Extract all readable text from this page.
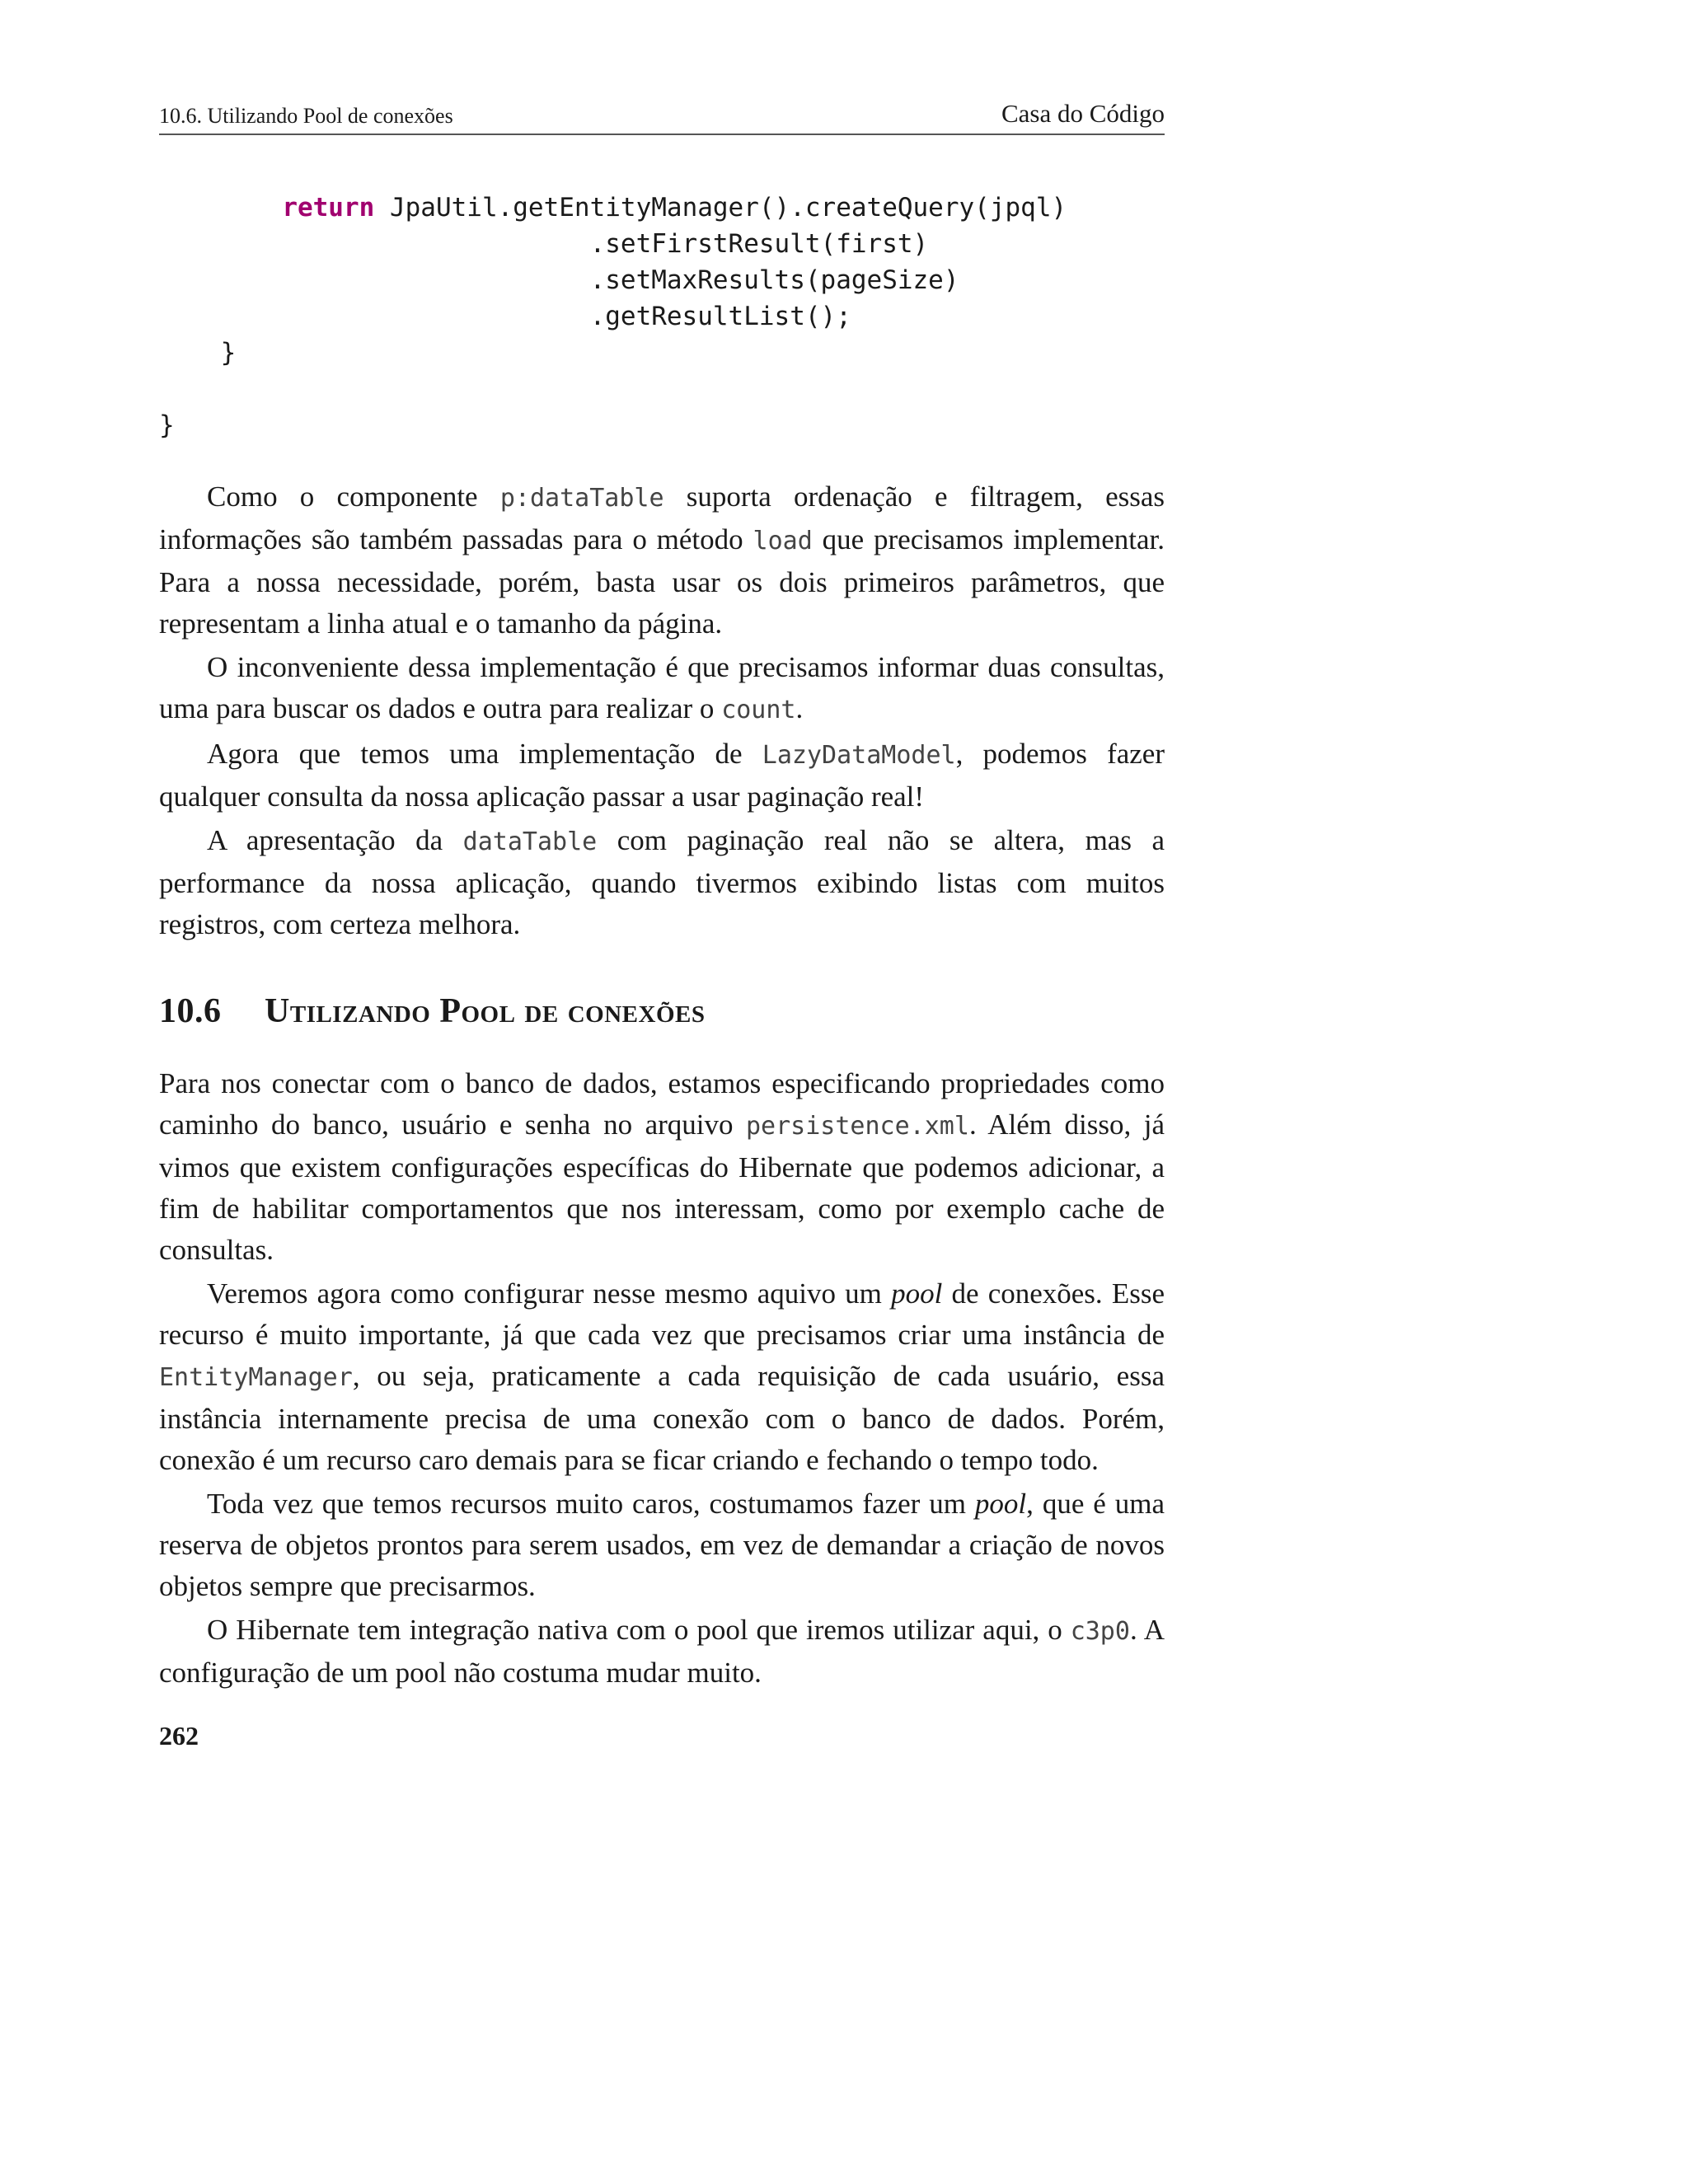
10.6. Utilizando Pool de conexões	Casa do Código
return JpaUtil.getEntityManager().createQuery(jpql)
.setFirstResult(first)
.setMaxResults(pageSize)
.getResultList();
}

}

Como o componente p:dataTable suporta ordenação e filtragem, essas informações são também passadas para o método load que precisamos implementar. Para a nossa necessidade, porém, basta usar os dois primeiros parâmetros, que representam a linha atual e o tamanho da página.

O inconveniente dessa implementação é que precisamos informar duas consultas, uma para buscar os dados e outra para realizar o count.

Agora que temos uma implementação de LazyDataModel, podemos fazer qualquer consulta da nossa aplicação passar a usar paginação real!

A apresentação da dataTable com paginação real não se altera, mas a performance da nossa aplicação, quando tivermos exibindo listas com muitos registros, com certeza melhora.

10.6 Utilizando Pool de conexões

Para nos conectar com o banco de dados, estamos especificando propriedades como caminho do banco, usuário e senha no arquivo persistence.xml. Além disso, já vimos que existem configurações específicas do Hibernate que podemos adicionar, a fim de habilitar comportamentos que nos interessam, como por exemplo cache de consultas.

Veremos agora como configurar nesse mesmo aquivo um pool de conexões. Esse recurso é muito importante, já que cada vez que precisamos criar uma instância de EntityManager, ou seja, praticamente a cada requisição de cada usuário, essa instância internamente precisa de uma conexão com o banco de dados. Porém, conexão é um recurso caro demais para se ficar criando e fechando o tempo todo.

Toda vez que temos recursos muito caros, costumamos fazer um pool, que é uma reserva de objetos prontos para serem usados, em vez de demandar a criação de novos objetos sempre que precisarmos.

O Hibernate tem integração nativa com o pool que iremos utilizar aqui, o c3p0. A configuração de um pool não costuma mudar muito.

262
